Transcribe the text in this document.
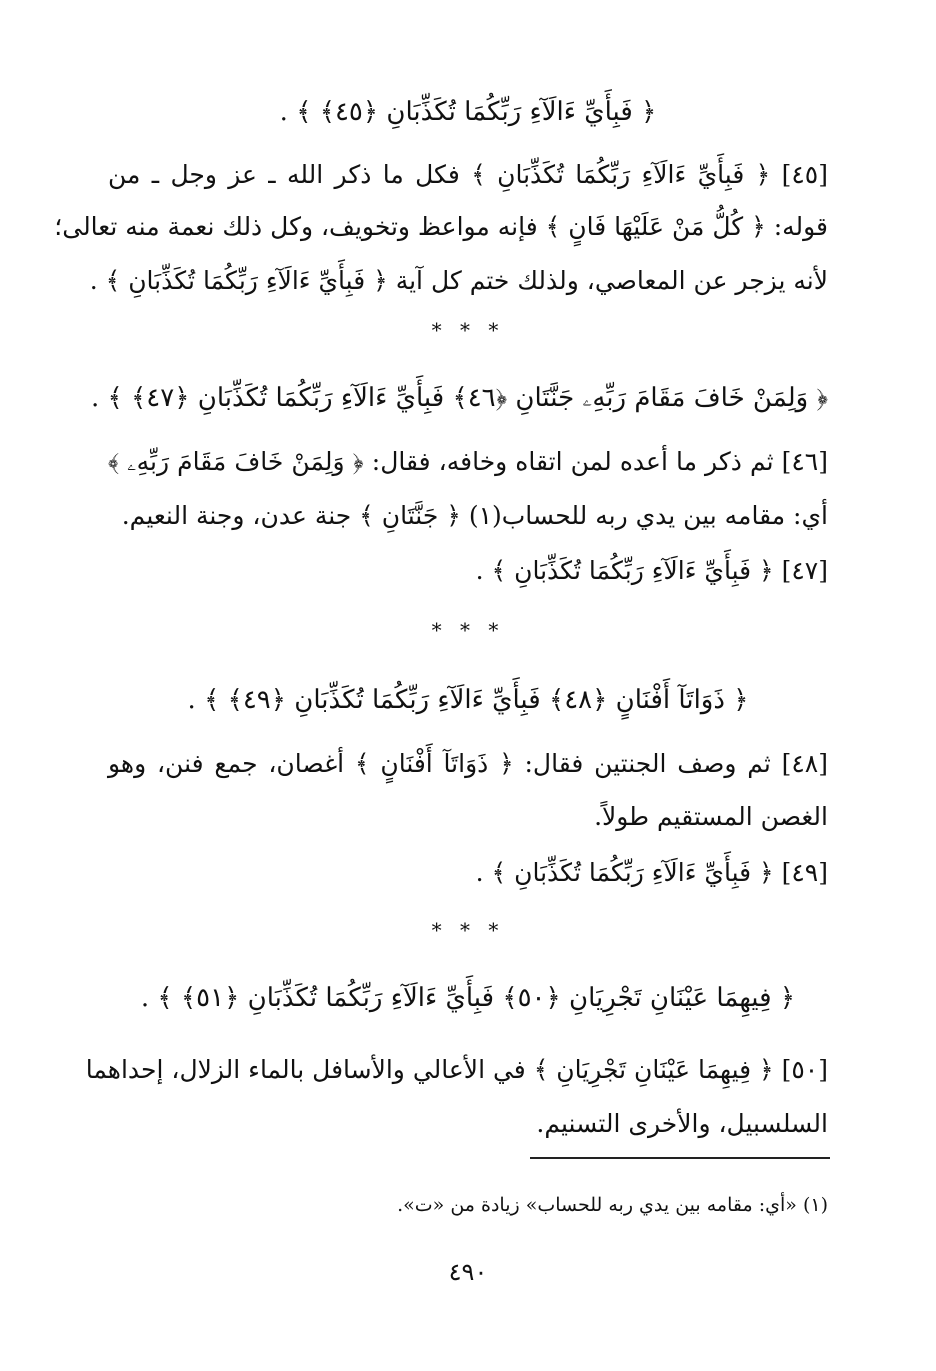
﴿ فَبِأَيِّ ءَالَآءِ رَبِّكُمَا تُكَذِّبَانِ ﴿٤٥﴾ ﴾ .
[٤٥] ﴿ فَبِأَيِّ ءَالَآءِ رَبِّكُمَا تُكَذِّبَانِ ﴾ فكل ما ذكر الله ـ عز وجل ـ من
قوله: ﴿ كُلُّ مَنْ عَلَيْهَا فَانٍ ﴾ فإنه مواعظ وتخويف، وكل ذلك نعمة منه تعالى؛
لأنه يزجر عن المعاصي، ولذلك ختم كل آية ﴿ فَبِأَيِّ ءَالَآءِ رَبِّكُمَا تُكَذِّبَانِ ﴾ .
* * *
﴿ وَلِمَنْ خَافَ مَقَامَ رَبِّهِۦ جَنَّتَانِ ﴿٤٦﴾ فَبِأَيِّ ءَالَآءِ رَبِّكُمَا تُكَذِّبَانِ ﴿٤٧﴾ ﴾ .
[٤٦] ثم ذكر ما أعده لمن اتقاه وخافه، فقال: ﴿ وَلِمَنْ خَافَ مَقَامَ رَبِّهِۦ ﴾
أي: مقامه بين يدي ربه للحساب(١) ﴿ جَنَّتَانِ ﴾ جنة عدن، وجنة النعيم.
[٤٧] ﴿ فَبِأَيِّ ءَالَآءِ رَبِّكُمَا تُكَذِّبَانِ ﴾ .
* * *
﴿ ذَوَاتَآ أَفْنَانٍ ﴿٤٨﴾ فَبِأَيِّ ءَالَآءِ رَبِّكُمَا تُكَذِّبَانِ ﴿٤٩﴾ ﴾ .
[٤٨] ثم وصف الجنتين فقال: ﴿ ذَوَاتَآ أَفْنَانٍ ﴾ أغصان، جمع فنن، وهو
الغصن المستقيم طولاً.
[٤٩] ﴿ فَبِأَيِّ ءَالَآءِ رَبِّكُمَا تُكَذِّبَانِ ﴾ .
* * *
﴿ فِيهِمَا عَيْنَانِ تَجْرِيَانِ ﴿٥٠﴾ فَبِأَيِّ ءَالَآءِ رَبِّكُمَا تُكَذِّبَانِ ﴿٥١﴾ ﴾ .
[٥٠] ﴿ فِيهِمَا عَيْنَانِ تَجْرِيَانِ ﴾ في الأعالي والأسافل بالماء الزلال، إحداهما
السلسبيل، والأخرى التسنيم.
(١) «أي: مقامه بين يدي ربه للحساب» زيادة من «ت».
٤٩٠
